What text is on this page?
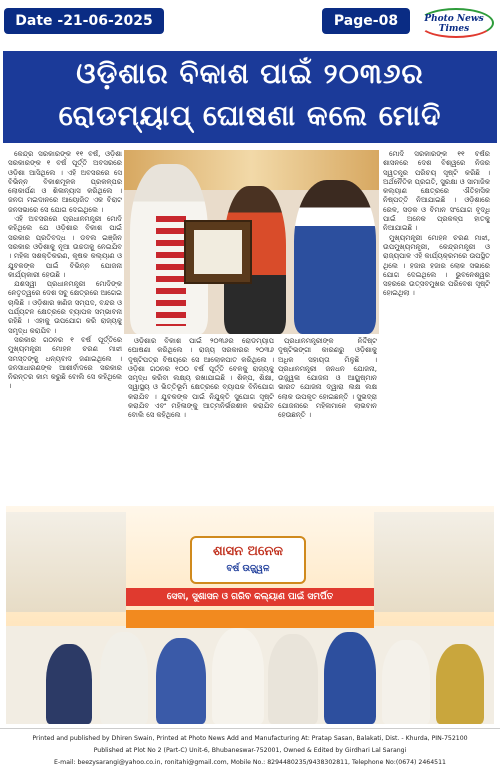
Date -21-06-2025	Page-08	Photo News Times
ଓଡ଼ିଶାର ବିକାଶ ପାଇଁ ୨୦୩୬ର
ରୋଡମ୍ୟାପ୍ ଘୋଷଣା କଲେ ମୋଦି

କେନ୍ଦ୍ର ସରକାରଙ୍କ ୧୧ ବର୍ଷ, ଓଡ଼ିଶା ସରକାରଙ୍କ ୧ ବର୍ଷ ପୂର୍ତ୍ତି ଅବସରରେ ଓଡ଼ିଶା ଆସିଥିଲେ । ଏହି ଅବସରରେ ସେ ବିଭିନ୍ନ ବିକାଶମୂଳକ ପ୍ରକଳ୍ପର ଲୋକାର୍ପଣ ଓ ଶିଳାନ୍ୟାସ କରିଥିଲେ । ଜନତା ମଇଦାନରେ ଆୟୋଜିତ ଏକ ବିରାଟ ଜନସଭାରେ ସେ ଯୋଗ ଦେଇଥିଲେ ।

ଏହି ଅବସରରେ ପ୍ରଧାନମନ୍ତ୍ରୀ ମୋଦି କହିଥିଲେ ଯେ ଓଡ଼ିଶାର ବିକାଶ ପାଇଁ ସରକାର ପ୍ରତିବଦ୍ଧ । ଡବଲ ଇଞ୍ଜିନ ସରକାର ଓଡ଼ିଶାକୁ ନୂଆ ଉଚ୍ଚତାକୁ ନେଇଯିବ । ମହିଳା ସଶକ୍ତିକରଣ, କୃଷକ କଲ୍ୟାଣ ଓ ଯୁବକଙ୍କ ପାଇଁ ବିଭିନ୍ନ ଯୋଜନା କାର୍ଯ୍ୟକାରୀ ହେଉଛି ।

ଯଶସ୍ୱୀ ପ୍ରଧାନମନ୍ତ୍ରୀ ମୋଦିଙ୍କ ନେତୃତ୍ୱରେ ଦେଶ ସବୁ କ୍ଷେତ୍ରରେ ଆଗେଇ ଚାଲିଛି । ଓଡ଼ିଶାର ଖଣିଜ ସମ୍ପଦ, ବନ୍ଦର ଓ ପର୍ଯ୍ୟଟନ କ୍ଷେତ୍ରରେ ବ୍ୟାପକ ସମ୍ଭାବନା ରହିଛି । ଏହାକୁ ଉପଯୋଗ କରି ରାଜ୍ୟକୁ ସମୃଦ୍ଧ କରାଯିବ ।

ସରକାର ଗଠନର ୧ ବର୍ଷ ପୂର୍ତ୍ତିରେ ମୁଖ୍ୟମନ୍ତ୍ରୀ ମୋହନ ଚରଣ ମାଝୀ ସମସ୍ତଙ୍କୁ ଧନ୍ୟବାଦ ଜଣାଇଥିଲେ । ଜନସାଧାରଣଙ୍କ ଆଶୀର୍ବାଦରେ ସରକାର ନିରନ୍ତର କାମ କରୁଛି ବୋଲି ସେ କହିଥିଲେ ।

ଓଡ଼ିଶାର ବିକାଶ ପାଇଁ ୨୦୩୬ର ରୋଡମ୍ୟାପ ଘୋଷଣା କରିଥିଲେ । ରାଜ୍ୟ ସରକାରର ୨୦୩୬ ଦୃଷ୍ଟିପତ୍ର ବିଷୟରେ ସେ ଆଲୋକପାତ କରିଥିଲେ । ଓଡ଼ିଶା ଗଠନର ୧୦୦ ବର୍ଷ ପୂର୍ତ୍ତି ବେଳକୁ ରାଜ୍ୟକୁ ସମୃଦ୍ଧ କରିବା ଲକ୍ଷ୍ୟ ରଖାଯାଇଛି । ଶିଳ୍ପ, ଶିକ୍ଷା, ସ୍ୱାସ୍ଥ୍ୟ ଓ ଭିତ୍ତିଭୂମି କ୍ଷେତ୍ରରେ ବ୍ୟାପକ ବିନିଯୋଗ କରାଯିବ । ଯୁବକଙ୍କ ପାଇଁ ନିଯୁକ୍ତି ସୁଯୋଗ ସୃଷ୍ଟି କରାଯିବ ଏବଂ ମହିଳାଙ୍କୁ ଆତ୍ମନିର୍ଭରଶୀଳ କରାଯିବ ବୋଲି ସେ କହିଥିଲେ ।

ପ୍ରଧାନମନ୍ତ୍ରୀଙ୍କ ନିର୍ଦ୍ଦିଷ୍ଟ ଦୃଷ୍ଟିଭଙ୍ଗୀ କାରଣରୁ ଓଡ଼ିଶାକୁ ଅଧିକ ସହାୟତା ମିଳୁଛି । ପ୍ରଧାନମନ୍ତ୍ରୀ ଜନଧନ ଯୋଜନା, ଉଜ୍ଜ୍ୱଳା ଯୋଜନା ଓ ଆୟୁଷ୍ମାନ ଭାରତ ଯୋଜନା ଦ୍ୱାରା ଲକ୍ଷ ଲକ୍ଷ ଲୋକ ଉପକୃତ ହୋଇଛନ୍ତି । ସୁଭଦ୍ରା ଯୋଜନାରେ ମହିଳାମାନେ ଲାଭବାନ ହେଉଛନ୍ତି ।

ମୋଦି ସରକାରଙ୍କ ୧୧ ବର୍ଷର ଶାସନରେ ଦେଶ ବିଶ୍ୱରେ ନିଜର ସ୍ୱତନ୍ତ୍ର ପରିଚୟ ସୃଷ୍ଟି କରିଛି । ଅର୍ଥନୈତିକ ପ୍ରଗତି, ସୁରକ୍ଷା ଓ ସାମାଜିକ କଲ୍ୟାଣ କ୍ଷେତ୍ରରେ ଐତିହାସିକ ନିଷ୍ପତ୍ତି ନିଆଯାଇଛି । ଓଡ଼ିଶାରେ ରେଳ, ସଡ଼କ ଓ ବିମାନ ସଂଯୋଗ ବୃଦ୍ଧି ପାଇଁ ଅନେକ ପ୍ରକଳ୍ପ ହାତକୁ ନିଆଯାଇଛି ।

ମୁଖ୍ୟମନ୍ତ୍ରୀ ମୋହନ ଚରଣ ମାଝୀ, ଉପମୁଖ୍ୟମନ୍ତ୍ରୀ, କେନ୍ଦ୍ରମନ୍ତ୍ରୀ ଓ ରାଜ୍ୟପାଳ ଏହି କାର୍ଯ୍ୟକ୍ରମରେ ଉପସ୍ଥିତ ଥିଲେ । ହଜାର ହଜାର ଲୋକ ସଭାରେ ଯୋଗ ଦେଇଥିଲେ । ଭୁବନେଶ୍ୱର ସହରରେ ଉତ୍ସବମୁଖର ପରିବେଶ ସୃଷ୍ଟି ହୋଇଥିଲା ।

ଶାସନ ଅନେକ
ବର୍ଷ ଉଜ୍ଜ୍ୱଳ
ସେବା, ସୁଶାସନ ଓ ଗରିବ କଲ୍ୟାଣ ପାଇଁ ସମର୍ପିତ
Printed and published by Dhiren Swain, Printed at Photo News Add and Manufacturing At: Pratap Sasan, Balakati, Dist. - Khurda, PIN-752100
Published at Plot No 2 (Part-C) Unit-6, Bhubaneswar-752001, Owned & Edited by Girdhari Lal Sarangi
E-mail: beezysarangi@yahoo.co.in, ronitahi@gmail.com, Mobile No.: 8294480235/9438302811, Telephone No:(0674) 2464511
